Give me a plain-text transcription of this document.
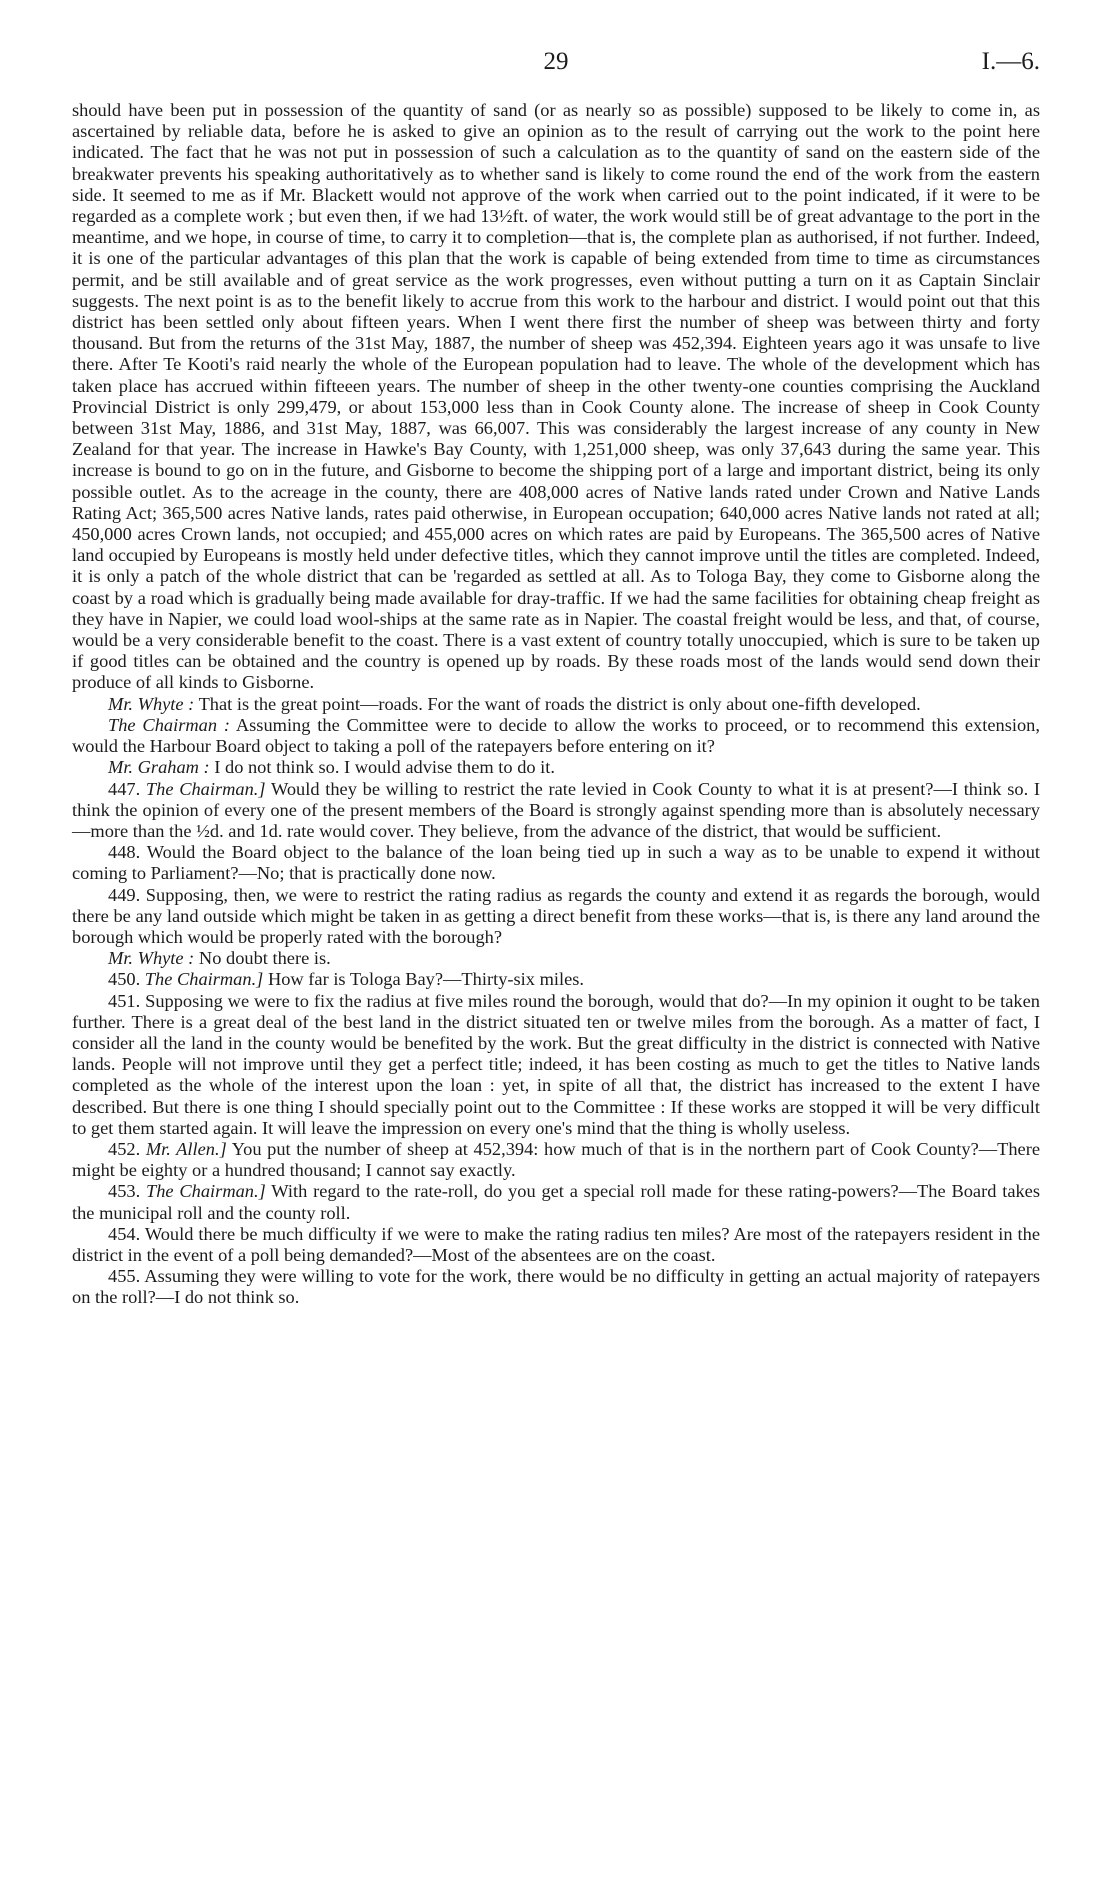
29	I.—6.

should have been put in possession of the quantity of sand (or as nearly so as possible) supposed to be likely to come in, as ascertained by reliable data, before he is asked to give an opinion as to the result of carrying out the work to the point here indicated. The fact that he was not put in possession of such a calculation as to the quantity of sand on the eastern side of the breakwater prevents his speaking authoritatively as to whether sand is likely to come round the end of the work from the eastern side. It seemed to me as if Mr. Blackett would not approve of the work when carried out to the point indicated, if it were to be regarded as a complete work ; but even then, if we had 13½ft. of water, the work would still be of great advantage to the port in the meantime, and we hope, in course of time, to carry it to completion—that is, the complete plan as authorised, if not further. Indeed, it is one of the particular advantages of this plan that the work is capable of being extended from time to time as circumstances permit, and be still available and of great service as the work progresses, even without putting a turn on it as Captain Sinclair suggests. The next point is as to the benefit likely to accrue from this work to the harbour and district. I would point out that this district has been settled only about fifteen years. When I went there first the number of sheep was between thirty and forty thousand. But from the returns of the 31st May, 1887, the number of sheep was 452,394. Eighteen years ago it was unsafe to live there. After Te Kooti's raid nearly the whole of the European population had to leave. The whole of the development which has taken place has accrued within fifteeen years. The number of sheep in the other twenty-one counties comprising the Auckland Provincial District is only 299,479, or about 153,000 less than in Cook County alone. The increase of sheep in Cook County between 31st May, 1886, and 31st May, 1887, was 66,007. This was considerably the largest increase of any county in New Zealand for that year. The increase in Hawke's Bay County, with 1,251,000 sheep, was only 37,643 during the same year. This increase is bound to go on in the future, and Gisborne to become the shipping port of a large and important district, being its only possible outlet. As to the acreage in the county, there are 408,000 acres of Native lands rated under Crown and Native Lands Rating Act; 365,500 acres Native lands, rates paid otherwise, in European occupation; 640,000 acres Native lands not rated at all; 450,000 acres Crown lands, not occupied; and 455,000 acres on which rates are paid by Europeans. The 365,500 acres of Native land occupied by Europeans is mostly held under defective titles, which they cannot improve until the titles are completed. Indeed, it is only a patch of the whole district that can be 'regarded as settled at all. As to Tologa Bay, they come to Gisborne along the coast by a road which is gradually being made available for dray-traffic. If we had the same facilities for obtaining cheap freight as they have in Napier, we could load wool-ships at the same rate as in Napier. The coastal freight would be less, and that, of course, would be a very considerable benefit to the coast. There is a vast extent of country totally unoccupied, which is sure to be taken up if good titles can be obtained and the country is opened up by roads. By these roads most of the lands would send down their produce of all kinds to Gisborne.

Mr. Whyte : That is the great point—roads. For the want of roads the district is only about one-fifth developed.

The Chairman : Assuming the Committee were to decide to allow the works to proceed, or to recommend this extension, would the Harbour Board object to taking a poll of the ratepayers before entering on it?

Mr. Graham : I do not think so. I would advise them to do it.

447. The Chairman.] Would they be willing to restrict the rate levied in Cook County to what it is at present?—I think so. I think the opinion of every one of the present members of the Board is strongly against spending more than is absolutely necessary—more than the ½d. and 1d. rate would cover. They believe, from the advance of the district, that would be sufficient.

448. Would the Board object to the balance of the loan being tied up in such a way as to be unable to expend it without coming to Parliament?—No; that is practically done now.

449. Supposing, then, we were to restrict the rating radius as regards the county and extend it as regards the borough, would there be any land outside which might be taken in as getting a direct benefit from these works—that is, is there any land around the borough which would be properly rated with the borough?

Mr. Whyte : No doubt there is.

450. The Chairman.] How far is Tologa Bay?—Thirty-six miles.

451. Supposing we were to fix the radius at five miles round the borough, would that do?—In my opinion it ought to be taken further. There is a great deal of the best land in the district situated ten or twelve miles from the borough. As a matter of fact, I consider all the land in the county would be benefited by the work. But the great difficulty in the district is connected with Native lands. People will not improve until they get a perfect title; indeed, it has been costing as much to get the titles to Native lands completed as the whole of the interest upon the loan : yet, in spite of all that, the district has increased to the extent I have described. But there is one thing I should specially point out to the Committee : If these works are stopped it will be very difficult to get them started again. It will leave the impression on every one's mind that the thing is wholly useless.

452. Mr. Allen.] You put the number of sheep at 452,394: how much of that is in the northern part of Cook County?—There might be eighty or a hundred thousand; I cannot say exactly.

453. The Chairman.] With regard to the rate-roll, do you get a special roll made for these rating-powers?—The Board takes the municipal roll and the county roll.

454. Would there be much difficulty if we were to make the rating radius ten miles? Are most of the ratepayers resident in the district in the event of a poll being demanded?—Most of the absentees are on the coast.

455. Assuming they were willing to vote for the work, there would be no difficulty in getting an actual majority of ratepayers on the roll?—I do not think so.
